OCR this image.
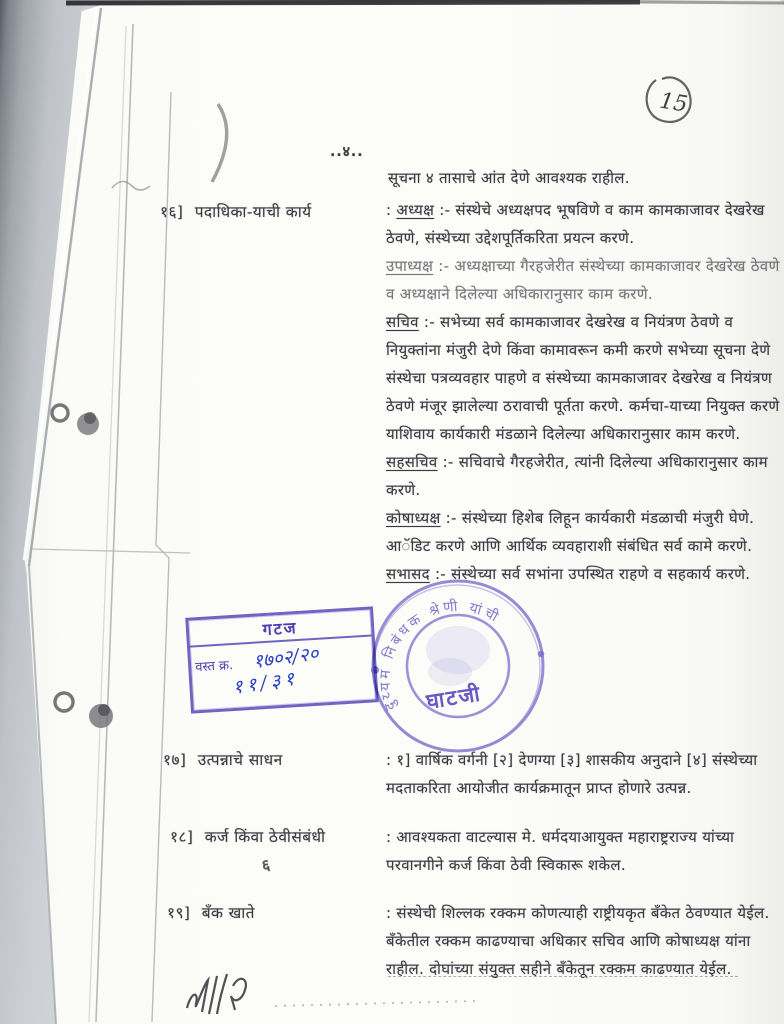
..४..
15
सूचना ४ तासाचे आंत देणे आवश्यक राहील.
१६] पदाधिका-याची कार्य	: अध्यक्ष :- संस्थेचे अध्यक्षपद भूषविणे व काम कामकाजावर देखरेख ठेवणे, संस्थेच्या उद्देशपूर्तिकरिता प्रयत्न करणे.

उपाध्यक्ष :- अध्यक्षाच्या गैरहजेरीत संस्थेच्या कामकाजावर देखरेख ठेवणे व अध्यक्षाने दिलेल्या अधिकारानुसार काम करणे.

सचिव :- सभेच्या सर्व कामकाजावर देखरेख व नियंत्रण ठेवणे व नियुक्तांना मंजुरी देणे किंवा कामावरून कमी करणे सभेच्या सूचना देणे संस्थेचा पत्रव्यवहार पाहणे व संस्थेच्या कामकाजावर देखरेख व नियंत्रण ठेवणे मंजूर झालेल्या ठरावाची पूर्तता करणे. कर्मचा-याच्या नियुक्त करणे याशिवाय कार्यकारी मंडळाने दिलेल्या अधिकारानुसार काम करणे.

सहसचिव :- सचिवाचे गैरहजेरीत, त्यांनी दिलेल्या अधिकारानुसार काम करणे.

कोषाध्यक्ष :- संस्थेच्या हिशेब लिहून कार्यकारी मंडळाची मंजुरी घेणे. आॅडिट करणे आणि आर्थिक व्यवहाराशी संबंधित सर्व कामे करणे.

सभासद :- संस्थेच्या सर्व सभांना उपस्थित राहणे व सहकार्य करणे.

१७] उत्पन्नाचे साधन	: १] वार्षिक वर्गनी [२] देणग्या [३] शासकीय अनुदाने [४] संस्थेच्या मदताकरिता आयोजीत कार्यक्रमातून प्राप्त होणारे उत्पन्न.

६
१८] कर्ज किंवा ठेवीसंबंधी	: आवश्यकता वाटल्यास मे. धर्मदयाआयुक्त महाराष्ट्रराज्य यांच्या परवानगीने कर्ज किंवा ठेवी स्विकारू शकेल.

१९] बँक खाते	: संस्थेची शिल्लक रक्कम कोणत्याही राष्ट्रीयकृत बँकेत ठेवण्यात येईल. बँकेतील रक्कम काढण्याचा अधिकार सचिव आणि कोषाध्यक्ष यांना राहील. दोघांच्या संयुक्त सहीने बँकेतून रक्कम काढण्यात येईल.

गटज
वस्त क्र. १७०२/२०
११/३१
दुय्यम निबंधक श्रेणी यांची
घाटजी
